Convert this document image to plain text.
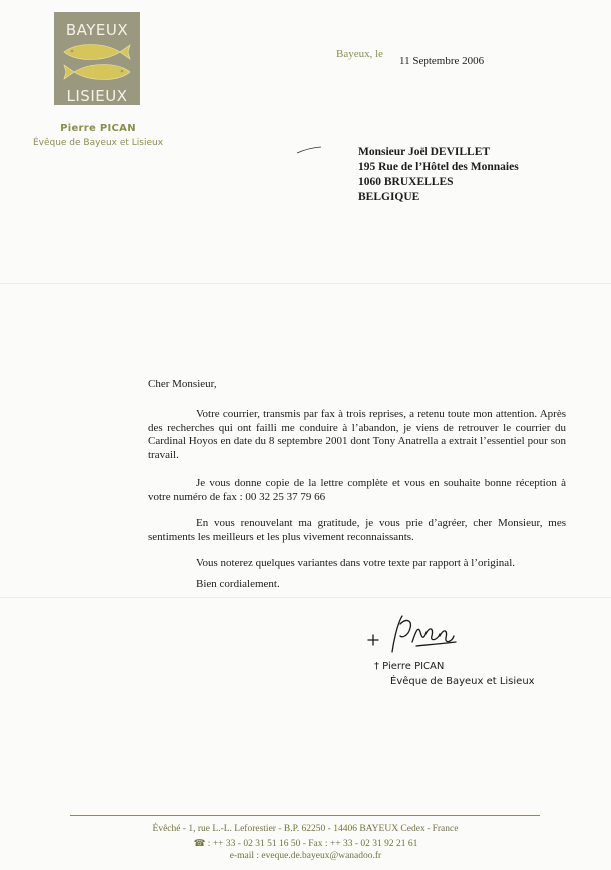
BAYEUX
LISIEUX
Pierre PICAN
Évêque de Bayeux et Lisieux
Bayeux, le
11 Septembre 2006
Monsieur Joël DEVILLET
195 Rue de l’Hôtel des Monnaies
1060 BRUXELLES
BELGIQUE
Cher Monsieur,
Votre courrier, transmis par fax à trois reprises, a retenu toute mon attention. Après des recherches qui ont failli me conduire à l’abandon, je viens de retrouver le courrier du Cardinal Hoyos en date du 8 septembre 2001 dont Tony Anatrella a extrait l’essentiel pour son travail.
Je vous donne copie de la lettre complète et vous en souhaite bonne réception à votre numéro de fax : 00 32 25 37 79 66
En vous renouvelant ma gratitude, je vous prie d’agréer, cher Monsieur, mes sentiments les meilleurs et les plus vivement reconnaissants.
Vous noterez quelques variantes dans votre texte par rapport à l’original.
Bien cordialement.
† Pierre PICAN
Évêque de Bayeux et Lisieux
Évêché - 1, rue L.-L. Leforestier - B.P. 62250 - 14406 BAYEUX Cedex - France
☎ : ++ 33 - 02 31 51 16 50 - Fax : ++ 33 - 02 31 92 21 61
e-mail : eveque.de.bayeux@wanadoo.fr
